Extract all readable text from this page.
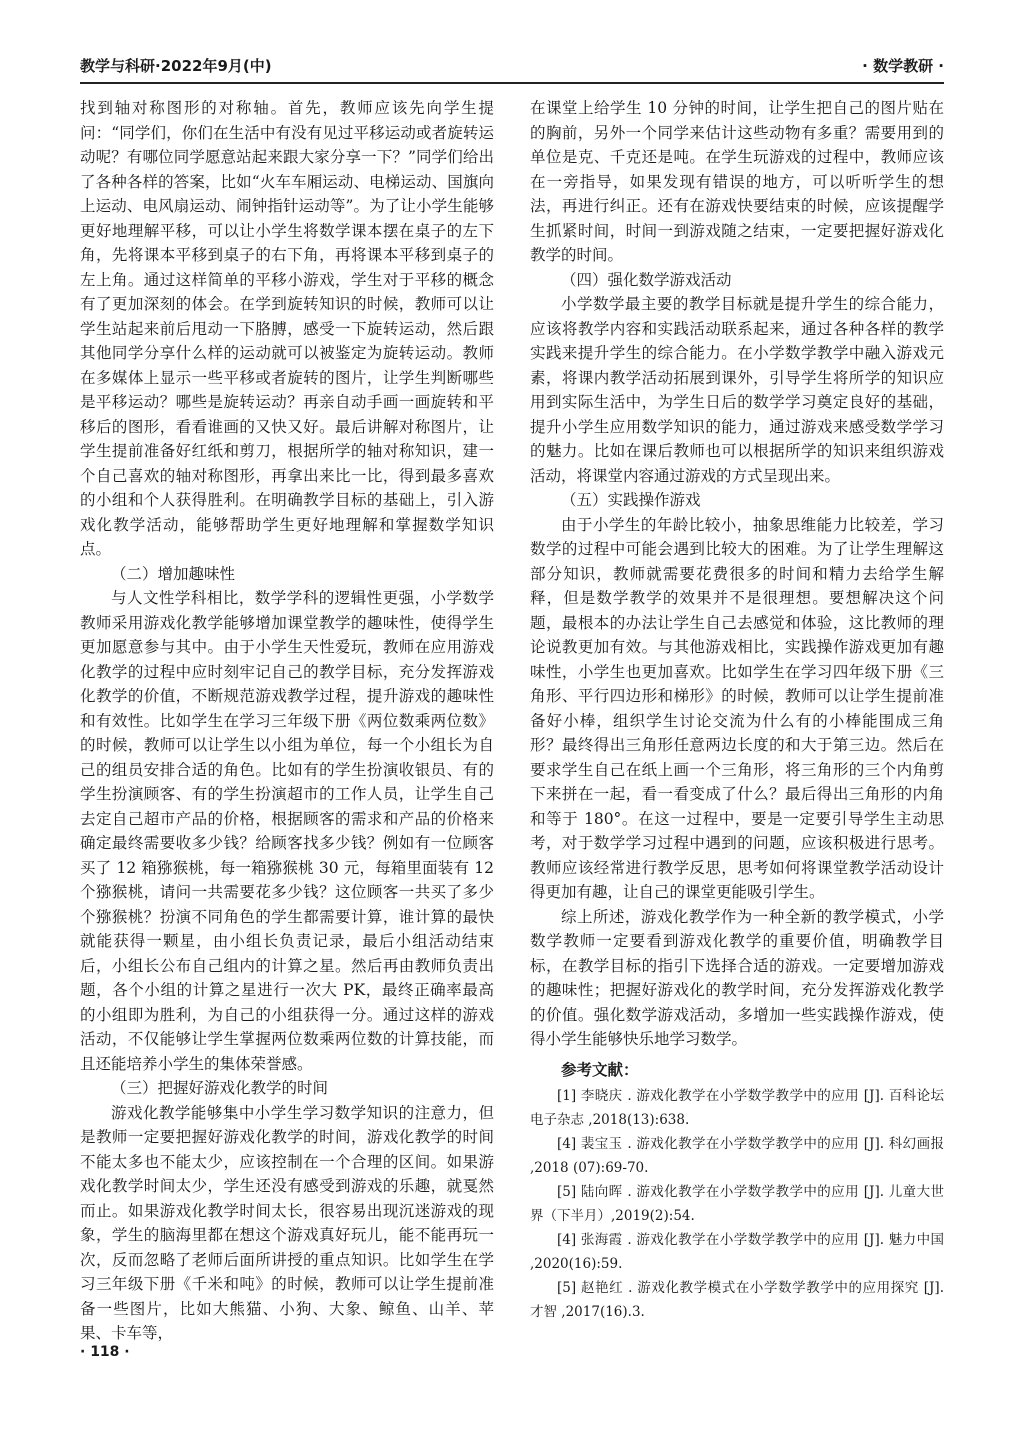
教学与科研·2022年9月(中)	· 数学教研 ·

找到轴对称图形的对称轴。首先，教师应该先向学生提问：“同学们，你们在生活中有没有见过平移运动或者旋转运动呢？有哪位同学愿意站起来跟大家分享一下？”同学们给出了各种各样的答案，比如“火车车厢运动、电梯运动、国旗向上运动、电风扇运动、闹钟指针运动等”。为了让小学生能够更好地理解平移，可以让小学生将数学课本摆在桌子的左下角，先将课本平移到桌子的右下角，再将课本平移到桌子的左上角。通过这样简单的平移小游戏，学生对于平移的概念有了更加深刻的体会。在学到旋转知识的时候，教师可以让学生站起来前后甩动一下胳膊，感受一下旋转运动，然后跟其他同学分享什么样的运动就可以被鉴定为旋转运动。教师在多媒体上显示一些平移或者旋转的图片，让学生判断哪些是平移运动？哪些是旋转运动？再亲自动手画一画旋转和平移后的图形，看看谁画的又快又好。最后讲解对称图片，让学生提前准备好红纸和剪刀，根据所学的轴对称知识，建一个自己喜欢的轴对称图形，再拿出来比一比，得到最多喜欢的小组和个人获得胜利。在明确教学目标的基础上，引入游戏化教学活动，能够帮助学生更好地理解和掌握数学知识点。

（二）增加趣味性

与人文性学科相比，数学学科的逻辑性更强，小学数学教师采用游戏化教学能够增加课堂教学的趣味性，使得学生更加愿意参与其中。由于小学生天性爱玩，教师在应用游戏化教学的过程中应时刻牢记自己的教学目标，充分发挥游戏化教学的价值，不断规范游戏教学过程，提升游戏的趣味性和有效性。比如学生在学习三年级下册《两位数乘两位数》的时候，教师可以让学生以小组为单位，每一个小组长为自己的组员安排合适的角色。比如有的学生扮演收银员、有的学生扮演顾客、有的学生扮演超市的工作人员，让学生自己去定自己超市产品的价格，根据顾客的需求和产品的价格来确定最终需要收多少钱？给顾客找多少钱？例如有一位顾客买了 12 箱猕猴桃，每一箱猕猴桃 30 元，每箱里面装有 12 个猕猴桃，请问一共需要花多少钱？这位顾客一共买了多少个猕猴桃？扮演不同角色的学生都需要计算，谁计算的最快就能获得一颗星，由小组长负责记录，最后小组活动结束后，小组长公布自己组内的计算之星。然后再由教师负责出题，各个小组的计算之星进行一次大 PK，最终正确率最高的小组即为胜利，为自己的小组获得一分。通过这样的游戏活动，不仅能够让学生掌握两位数乘两位数的计算技能，而且还能培养小学生的集体荣誉感。

（三）把握好游戏化教学的时间

游戏化教学能够集中小学生学习数学知识的注意力，但是教师一定要把握好游戏化教学的时间，游戏化教学的时间不能太多也不能太少，应该控制在一个合理的区间。如果游戏化教学时间太少，学生还没有感受到游戏的乐趣，就戛然而止。如果游戏化教学时间太长，很容易出现沉迷游戏的现象，学生的脑海里都在想这个游戏真好玩儿，能不能再玩一次，反而忽略了老师后面所讲授的重点知识。比如学生在学习三年级下册《千米和吨》的时候，教师可以让学生提前准备一些图片，比如大熊猫、小狗、大象、鲸鱼、山羊、苹果、卡车等，

在课堂上给学生 10 分钟的时间，让学生把自己的图片贴在的胸前，另外一个同学来估计这些动物有多重？需要用到的单位是克、千克还是吨。在学生玩游戏的过程中，教师应该在一旁指导，如果发现有错误的地方，可以听听学生的想法，再进行纠正。还有在游戏快要结束的时候，应该提醒学生抓紧时间，时间一到游戏随之结束，一定要把握好游戏化教学的时间。

（四）强化数学游戏活动

小学数学最主要的教学目标就是提升学生的综合能力，应该将教学内容和实践活动联系起来，通过各种各样的教学实践来提升学生的综合能力。在小学数学教学中融入游戏元素，将课内教学活动拓展到课外，引导学生将所学的知识应用到实际生活中，为学生日后的数学学习奠定良好的基础，提升小学生应用数学知识的能力，通过游戏来感受数学学习的魅力。比如在课后教师也可以根据所学的知识来组织游戏活动，将课堂内容通过游戏的方式呈现出来。

（五）实践操作游戏

由于小学生的年龄比较小，抽象思维能力比较差，学习数学的过程中可能会遇到比较大的困难。为了让学生理解这部分知识，教师就需要花费很多的时间和精力去给学生解释，但是数学教学的效果并不是很理想。要想解决这个问题，最根本的办法让学生自己去感觉和体验，这比教师的理论说教更加有效。与其他游戏相比，实践操作游戏更加有趣味性，小学生也更加喜欢。比如学生在学习四年级下册《三角形、平行四边形和梯形》的时候，教师可以让学生提前准备好小棒，组织学生讨论交流为什么有的小棒能围成三角形？最终得出三角形任意两边长度的和大于第三边。然后在要求学生自己在纸上画一个三角形，将三角形的三个内角剪下来拼在一起，看一看变成了什么？最后得出三角形的内角和等于 180°。在这一过程中，要是一定要引导学生主动思考，对于数学学习过程中遇到的问题，应该积极进行思考。教师应该经常进行教学反思，思考如何将课堂教学活动设计得更加有趣，让自己的课堂更能吸引学生。

综上所述，游戏化教学作为一种全新的教学模式，小学数学教师一定要看到游戏化教学的重要价值，明确教学目标，在教学目标的指引下选择合适的游戏。一定要增加游戏的趣味性；把握好游戏化的教学时间，充分发挥游戏化教学的价值。强化数学游戏活动，多增加一些实践操作游戏，使得小学生能够快乐地学习数学。

参考文献：

[1] 李晓庆 . 游戏化教学在小学数学教学中的应用 [J]. 百科论坛电子杂志 ,2018(13):638.

[4] 裴宝玉 . 游戏化教学在小学数学教学中的应用 [J]. 科幻画报 ,2018 (07):69-70.

[5] 陆向晖 . 游戏化教学在小学数学教学中的应用 [J]. 儿童大世界（下半月）,2019(2):54.

[4] 张海霞 . 游戏化教学在小学数学教学中的应用 [J]. 魅力中国 ,2020(16):59.

[5] 赵艳红 . 游戏化教学模式在小学数学教学中的应用探究 [J]. 才智 ,2017(16).3.

· 118 ·
